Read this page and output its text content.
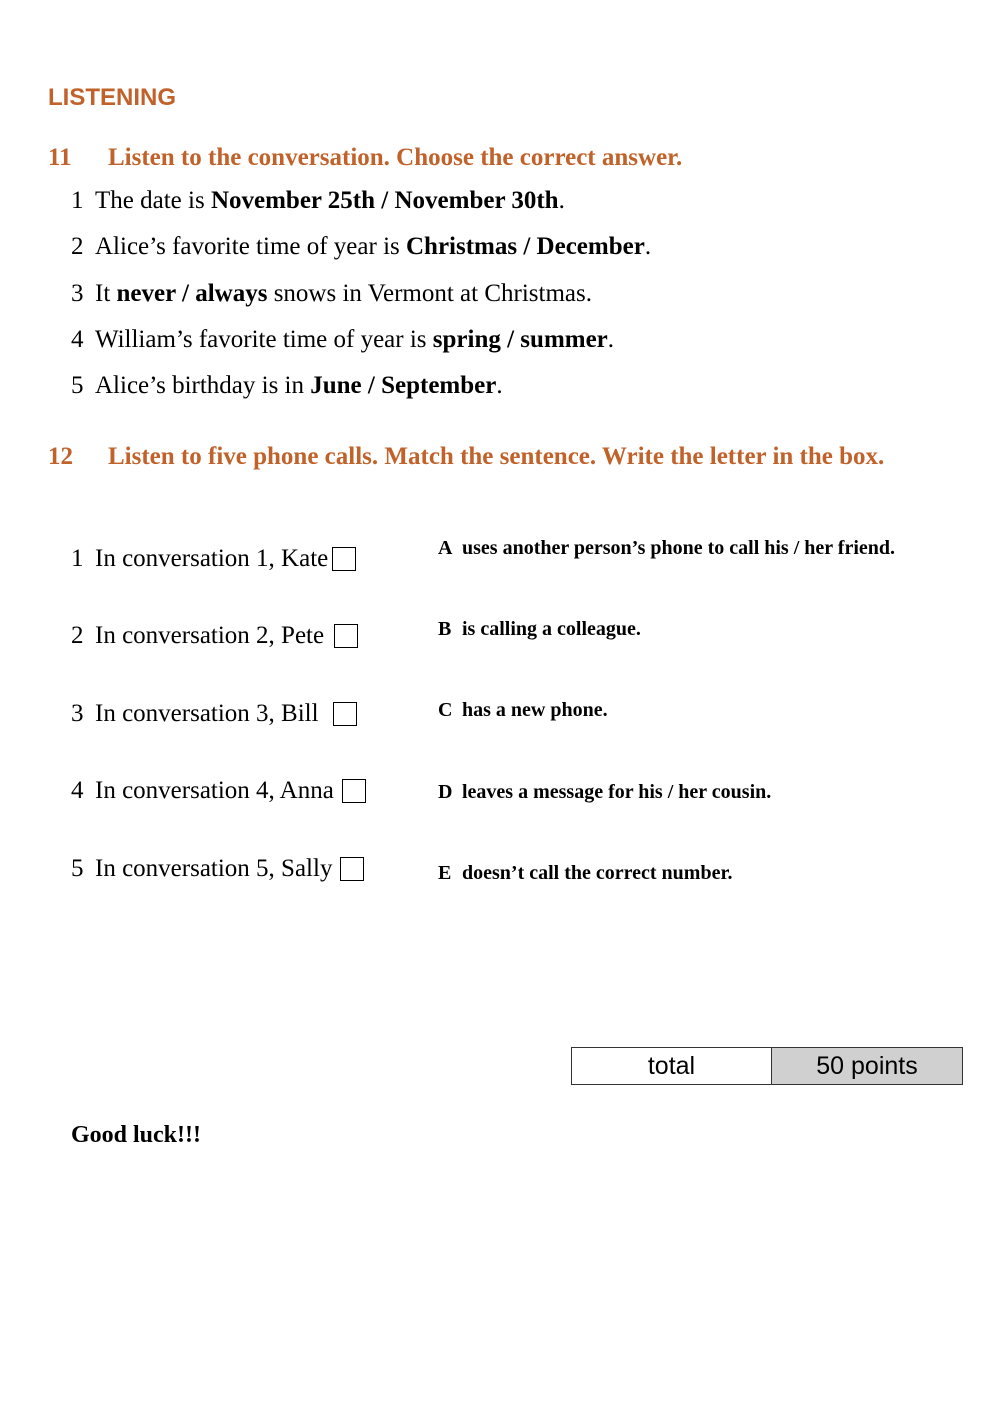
LISTENING
11 Listen to the conversation. Choose the correct answer.
1 The date is November 25th / November 30th.
2 Alice’s favorite time of year is Christmas / December.
3 It never / always snows in Vermont at Christmas.
4 William’s favorite time of year is spring / summer.
5 Alice’s birthday is in June / September.
12 Listen to five phone calls. Match the sentence. Write the letter in the box.
1 In conversation 1, Kate
2 In conversation 2, Pete
3 In conversation 3, Bill
4 In conversation 4, Anna
5 In conversation 5, Sally
A uses another person’s phone to call his / her friend.
B is calling a colleague.
C has a new phone.
D leaves a message for his / her cousin.
E doesn’t call the correct number.
total	50 points
Good luck!!!
